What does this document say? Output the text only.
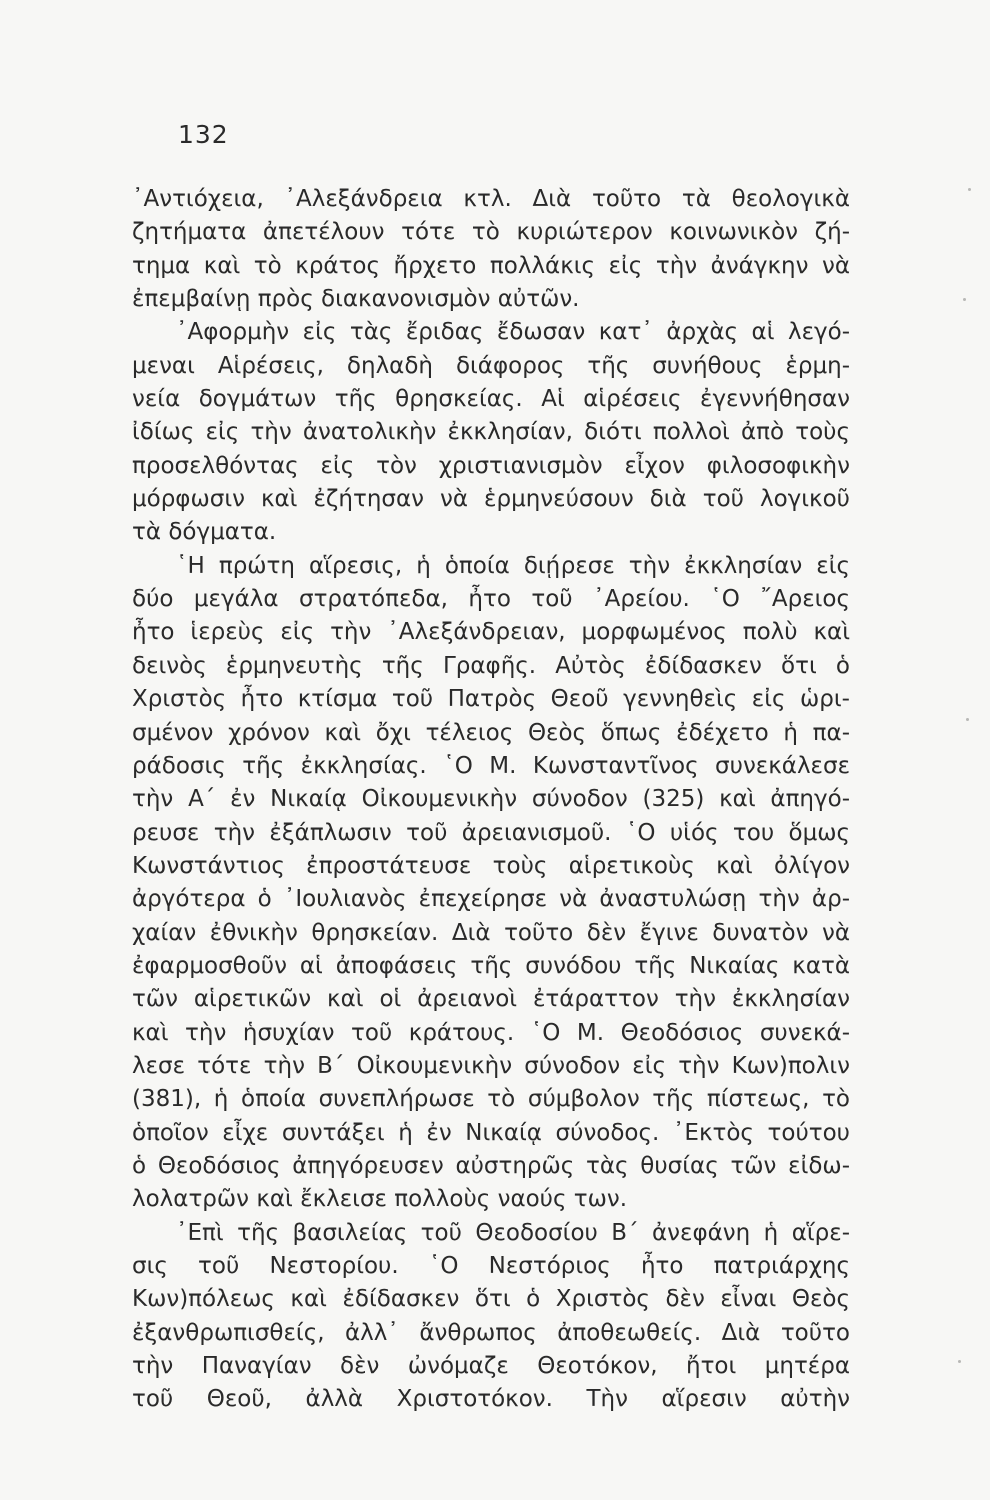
132
᾿Αντιόχεια, ᾿Αλεξάνδρεια κτλ. Διὰ τοῦτο τὰ θεολογικὰ
ζητήματα ἀπετέλουν τότε τὸ κυριώτερον κοινωνικὸν ζή-
τημα καὶ τὸ κράτος ἤρχετο πολλάκις εἰς τὴν ἀνάγκην νὰ
ἐπεμβαίνῃ πρὸς διακανονισμὸν αὐτῶν.
᾿Αφορμὴν εἰς τὰς ἔριδας ἔδωσαν κατ᾿ ἀρχὰς αἱ λεγό-
μεναι Αἱρέσεις, δηλαδὴ διάφορος τῆς συνήθους ἑρμη-
νεία δογμάτων τῆς θρησκείας. Αἱ αἱρέσεις ἐγεννήθησαν
ἰδίως εἰς τὴν ἀνατολικὴν ἐκκλησίαν, διότι πολλοὶ ἀπὸ τοὺς
προσελθόντας εἰς τὸν χριστιανισμὸν εἶχον φιλοσοφικὴν
μόρφωσιν καὶ ἐζήτησαν νὰ ἑρμηνεύσουν διὰ τοῦ λογικοῦ
τὰ δόγματα.
῾Η πρώτη αἵρεσις, ἡ ὁποία διῄρεσε τὴν ἐκκλησίαν εἰς
δύο μεγάλα στρατόπεδα, ἦτο τοῦ ᾿Αρείου. ῾Ο ῎Αρειος
ἦτο ἱερεὺς εἰς τὴν ᾿Αλεξάνδρειαν, μορφωμένος πολὺ καὶ
δεινὸς ἑρμηνευτὴς τῆς Γραφῆς. Αὐτὸς ἐδίδασκεν ὅτι ὁ
Χριστὸς ἦτο κτίσμα τοῦ Πατρὸς Θεοῦ γεννηθεὶς εἰς ὡρι-
σμένον χρόνον καὶ ὄχι τέλειος Θεὸς ὅπως ἐδέχετο ἡ πα-
ράδοσις τῆς ἐκκλησίας. ῾Ο Μ. Κωνσταντῖνος συνεκάλεσε
τὴν Α΄ ἐν Νικαίᾳ Οἰκουμενικὴν σύνοδον (325) καὶ ἀπηγό-
ρευσε τὴν ἐξάπλωσιν τοῦ ἀρειανισμοῦ. ῾Ο υἱός του ὅμως
Κωνστάντιος ἐπροστάτευσε τοὺς αἱρετικοὺς καὶ ὀλίγον
ἀργότερα ὁ ᾿Ιουλιανὸς ἐπεχείρησε νὰ ἀναστυλώσῃ τὴν ἀρ-
χαίαν ἐθνικὴν θρησκείαν. Διὰ τοῦτο δὲν ἔγινε δυνατὸν νὰ
ἐφαρμοσθοῦν αἱ ἀποφάσεις τῆς συνόδου τῆς Νικαίας κατὰ
τῶν αἱρετικῶν καὶ οἱ ἀρειανοὶ ἐτάραττον τὴν ἐκκλησίαν
καὶ τὴν ἡσυχίαν τοῦ κράτους. ῾Ο Μ. Θεοδόσιος συνεκά-
λεσε τότε τὴν Β΄ Οἰκουμενικὴν σύνοδον εἰς τὴν Κων)πολιν
(381), ἡ ὁποία συνεπλήρωσε τὸ σύμβολον τῆς πίστεως, τὸ
ὁποῖον εἶχε συντάξει ἡ ἐν Νικαίᾳ σύνοδος. ᾿Εκτὸς τούτου
ὁ Θεοδόσιος ἀπηγόρευσεν αὐστηρῶς τὰς θυσίας τῶν εἰδω-
λολατρῶν καὶ ἔκλεισε πολλοὺς ναούς των.
᾿Επὶ τῆς βασιλείας τοῦ Θεοδοσίου Β΄ ἀνεφάνη ἡ αἵρε-
σις τοῦ Νεστορίου. ῾Ο Νεστόριος ἦτο πατριάρχης
Κων)πόλεως καὶ ἐδίδασκεν ὅτι ὁ Χριστὸς δὲν εἶναι Θεὸς
ἐξανθρωπισθείς, ἀλλ᾿ ἄνθρωπος ἀποθεωθείς. Διὰ τοῦτο
τὴν Παναγίαν δὲν ὠνόμαζε Θεοτόκον, ἤτοι μητέρα
τοῦ Θεοῦ, ἀλλὰ Χριστοτόκον. Τὴν αἵρεσιν αὐτὴν
